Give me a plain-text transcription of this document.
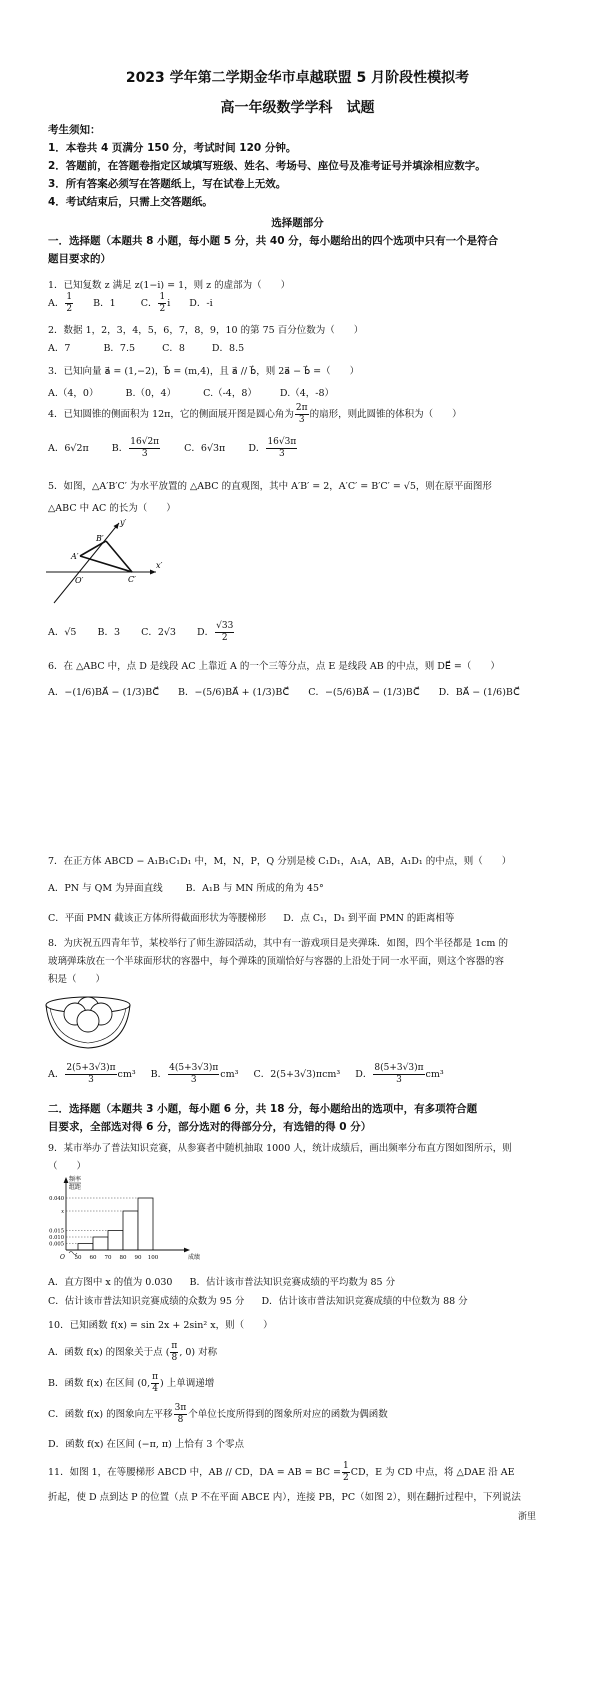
2023 学年第二学期金华市卓越联盟 5 月阶段性模拟考
高一年级数学学科　试题
考生须知：
1．本卷共 4 页满分 150 分，考试时间 120 分钟。
2．答题前，在答题卷指定区域填写班级、姓名、考场号、座位号及准考证号并填涂相应数字。
3．所有答案必须写在答题纸上，写在试卷上无效。
4．考试结束后，只需上交答题纸。
选择题部分
一．选择题（本题共 8 小题，每小题 5 分，共 40 分，每小题给出的四个选项中只有一个是符合
题目要求的）
1．已知复数 z 满足 z(1−i) = 1，则 z 的虚部为（　　）
A． $\frac{1}{2}$ B．1	C． $\frac{1}{2}$ i D．-i
2．数据 1，2，3，4，5，6，7，8，9，10 的第 75 百分位数为（　　）
A．7	B．7.5	C．8	D．8.5
3．已知向量 a⃗ = (1,−2)，b⃗ = (m,4)，且 a⃗ // b⃗，则 2a⃗ − b⃗ =（　　）
A.（4，0）	B.（0，4）	C.（-4，8） D.（4，-8）
4．已知圆锥的侧面积为 12π，它的侧面展开图是圆心角为 $\frac{2\pi}{3}$ 的扇形，则此圆锥的体积为（　　）
A．6√2π B． $\frac{16√2\pi}{3}$	C．6√3π D． $\frac{16√3\pi}{3}$
5．如图，△A′B′C′ 为水平放置的 △ABC 的直观图，其中 A′B′ = 2，A′C′ = B′C′ = √5，则在原平面图形
△ABC 中 AC 的长为（　　）
B′
y′
A′
C′
x′
O′
A．√5 B．3 C．2√3 D． $\frac{√33}{2}$
6．在 △ABC 中，点 D 是线段 AC 上靠近 A 的一个三等分点，点 E 是线段 AB 的中点，则 DE⃗ =（　　）
A．−(1/6)BA⃗ − (1/3)BC⃗ B．−(5/6)BA⃗ + (1/3)BC⃗ C．−(5/6)BA⃗ − (1/3)BC⃗ D．BA⃗ − (1/6)BC⃗
7．在正方体 ABCD − A₁B₁C₁D₁ 中，M，N，P，Q 分别是棱 C₁D₁，A₁A，AB，A₁D₁ 的中点，则（　　）
A．PN 与 QM 为异面直线 B．A₁B 与 MN 所成的角为 45°
C．平面 PMN 截该正方体所得截面形状为等腰梯形 D．点 C₁，D₁ 到平面 PMN 的距离相等
8．为庆祝五四青年节，某校举行了师生游园活动，其中有一游戏项目是夹弹珠．如图，四个半径都是 1cm 的
玻璃弹珠放在一个半球面形状的容器中，每个弹珠的顶端恰好与容器的上沿处于同一水平面，则这个容器的容
积是（　　）
A． $\frac{2(5+3√3)\pi}{3} cm^3$ B． $\frac{4(5+3√3)\pi}{3} cm^3$ C．2(5+3√3)πcm³ D． $\frac{8(5+3√3)\pi}{3} cm^3$
二．选择题（本题共 3 小题，每小题 6 分，共 18 分，每小题给出的选项中，有多项符合题
目要求，全部选对得 6 分，部分选对的得部分分，有选错的得 0 分）
9．某市举办了普法知识竞赛，从参赛者中随机抽取 1000 人，统计成绩后，画出频率分布直方图如图所示，则
（　　）
频率
组距
O	成绩
50 60 70 80 90 100
0.005
0.010
0.015
x
0.040
A．直方图中 x 的值为 0.030 B．估计该市普法知识竞赛成绩的平均数为 85 分
C．估计该市普法知识竞赛成绩的众数为 95 分 D．估计该市普法知识竞赛成绩的中位数为 88 分
10．已知函数 f(x) = sin 2x + 2sin² x，则（　　）
A．函数 f(x) 的图象关于点 ( $\frac{\pi}{8}$ , 0) 对称
B．函数 f(x) 在区间 (0, $\frac{\pi}{4}$ ) 上单调递增
C．函数 f(x) 的图象向左平移 $\frac{3\pi}{8}$ 个单位长度所得到的图象所对应的函数为偶函数
D．函数 f(x) 在区间 (−π, π) 上恰有 3 个零点
11．如图 1，在等腰梯形 ABCD 中，AB // CD，DA = AB = BC = $\frac{1}{2}$ CD，E 为 CD 中点，将 △DAE 沿 AE
折起，使 D 点到达 P 的位置（点 P 不在平面 ABCE 内），连接 PB，PC（如图 2），则在翻折过程中，下列说法
浙里
